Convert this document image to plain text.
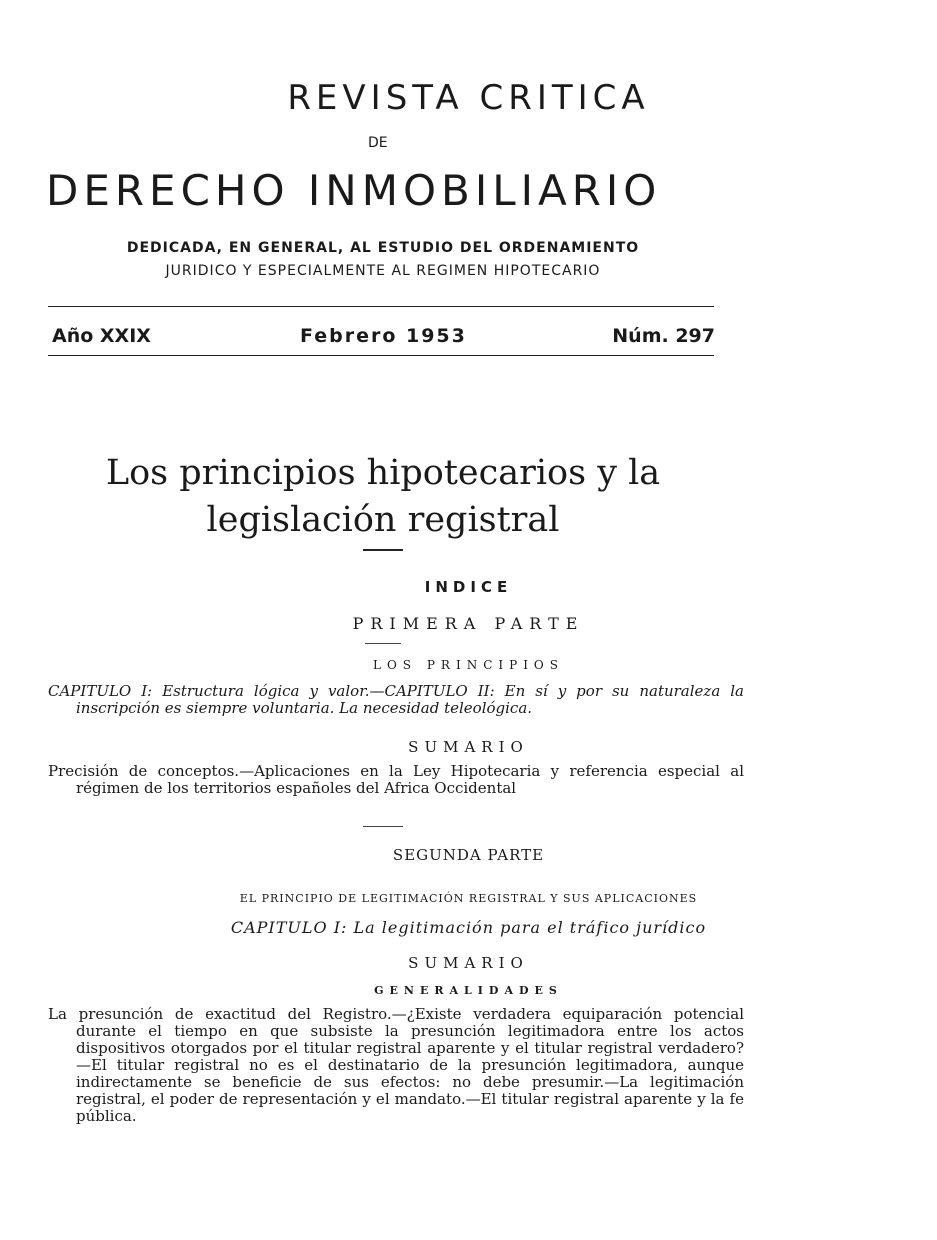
REVISTA CRITICA
DE
DERECHO INMOBILIARIO
DEDICADA, EN GENERAL, AL ESTUDIO DEL ORDENAMIENTO
JURIDICO Y ESPECIALMENTE AL REGIMEN HIPOTECARIO
Año XXIX	Febrero 1953	Núm. 297
Los principios hipotecarios y la legislación registral
INDICE
PRIMERA PARTE
LOS PRINCIPIOS
CAPITULO I: Estructura lógica y valor.—CAPITULO II: En sí y por su naturaleza la inscripción es siempre voluntaria. La necesidad teleológica.
SUMARIO
Precisión de conceptos.—Aplicaciones en la Ley Hipotecaria y referencia especial al régimen de los territorios españoles del Africa Occidental
SEGUNDA PARTE
EL PRINCIPIO DE LEGITIMACIÓN REGISTRAL Y SUS APLICACIONES
CAPITULO I: La legitimación para el tráfico jurídico
SUMARIO
GENERALIDADES
La presunción de exactitud del Registro.—¿Existe verdadera equiparación potencial durante el tiempo en que subsiste la presunción legitimadora entre los actos dispositivos otorgados por el titular registral aparente y el titular registral verdadero?—El titular registral no es el destinatario de la presunción legitimadora, aunque indirectamente se beneficie de sus efectos: no debe presumir.—La legitimación registral, el poder de representación y el mandato.—El titular registral aparente y la fe pública.
